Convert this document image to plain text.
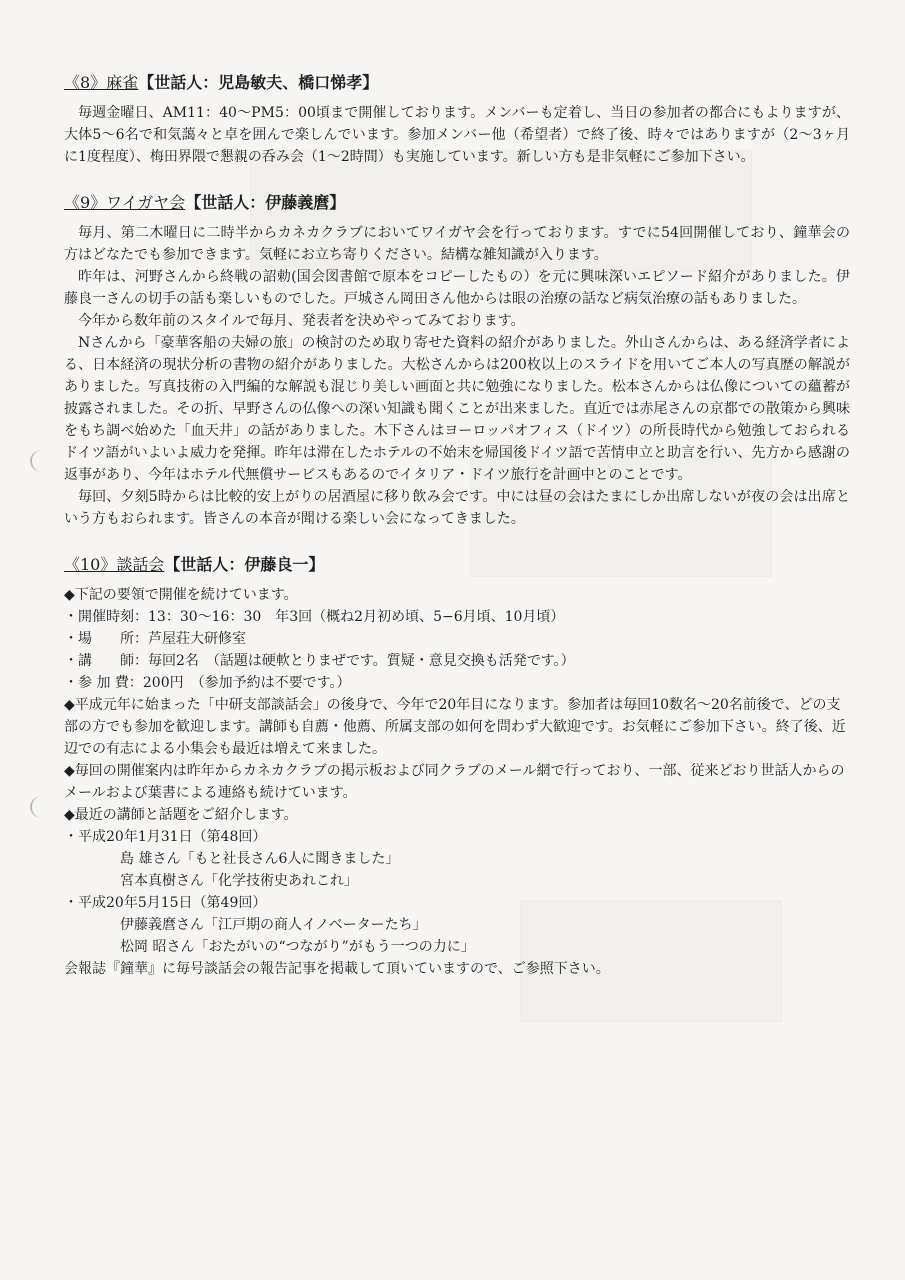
《8》麻雀【世話人：児島敏夫、橋口悌孝】

毎週金曜日、AM11：40〜PM5：00頃まで開催しております。メンバーも定着し、当日の参加者の都合にもよりますが、大体5〜6名で和気藹々と卓を囲んで楽しんでいます。参加メンバー他（希望者）で終了後、時々ではありますが（2〜3ヶ月に1度程度）、梅田界隈で懇親の呑み会（1〜2時間）も実施しています。新しい方も是非気軽にご参加下さい。

《9》ワイガヤ会【世話人：伊藤義麿】

毎月、第二木曜日に二時半からカネカクラブにおいてワイガヤ会を行っております。すでに54回開催しており、鐘華会の方はどなたでも参加できます。気軽にお立ち寄りください。結構な雑知識が入ります。

昨年は、河野さんから終戦の詔勅(国会図書館で原本をコピーしたもの）を元に興味深いエピソード紹介がありました。伊藤良一さんの切手の話も楽しいものでした。戸城さん岡田さん他からは眼の治療の話など病気治療の話もありました。

今年から数年前のスタイルで毎月、発表者を決めやってみております。

Nさんから「豪華客船の夫婦の旅」の検討のため取り寄せた資料の紹介がありました。外山さんからは、ある経済学者による、日本経済の現状分析の書物の紹介がありました。大松さんからは200枚以上のスライドを用いてご本人の写真歴の解説がありました。写真技術の入門編的な解説も混じり美しい画面と共に勉強になりました。松本さんからは仏像についての蘊蓄が披露されました。その折、早野さんの仏像への深い知識も聞くことが出来ました。直近では赤尾さんの京都での散策から興味をもち調べ始めた「血天井」の話がありました。木下さんはヨーロッパオフィス（ドイツ）の所長時代から勉強しておられるドイツ語がいよいよ威力を発揮。昨年は滞在したホテルの不始末を帰国後ドイツ語で苦情申立と助言を行い、先方から感謝の返事があり、今年はホテル代無償サービスもあるのでイタリア・ドイツ旅行を計画中とのことです。

毎回、夕刻5時からは比較的安上がりの居酒屋に移り飲み会です。中には昼の会はたまにしか出席しないが夜の会は出席という方もおられます。皆さんの本音が聞ける楽しい会になってきました。

《10》談話会【世話人：伊藤良一】

◆下記の要領で開催を続けています。

・開催時刻：13：30〜16：30　年3回（概ね2月初め頃、5−6月頃、10月頃）

・場　　所：芦屋荘大研修室

・講　　師：毎回2名　（話題は硬軟とりまぜです。質疑・意見交換も活発です。）

・参 加 費：200円　（参加予約は不要です。）

◆平成元年に始まった「中研支部談話会」の後身で、今年で20年目になります。参加者は毎回10数名〜20名前後で、どの支部の方でも参加を歓迎します。講師も自薦・他薦、所属支部の如何を問わず大歓迎です。お気軽にご参加下さい。終了後、近辺での有志による小集会も最近は増えて来ました。

◆毎回の開催案内は昨年からカネカクラブの掲示板および同クラブのメール網で行っており、一部、従来どおり世話人からのメールおよび葉書による連絡も続けています。

◆最近の講師と話題をご紹介します。

・平成20年1月31日（第48回）

島 雄さん「もと社長さん6人に聞きました」

宮本真樹さん「化学技術史あれこれ」

・平成20年5月15日（第49回）

伊藤義麿さん「江戸期の商人イノベーターたち」

松岡 昭さん「おたがいの“つながり”がもう一つの力に」

会報誌『鐘華』に毎号談話会の報告記事を掲載して頂いていますので、ご参照下さい。
